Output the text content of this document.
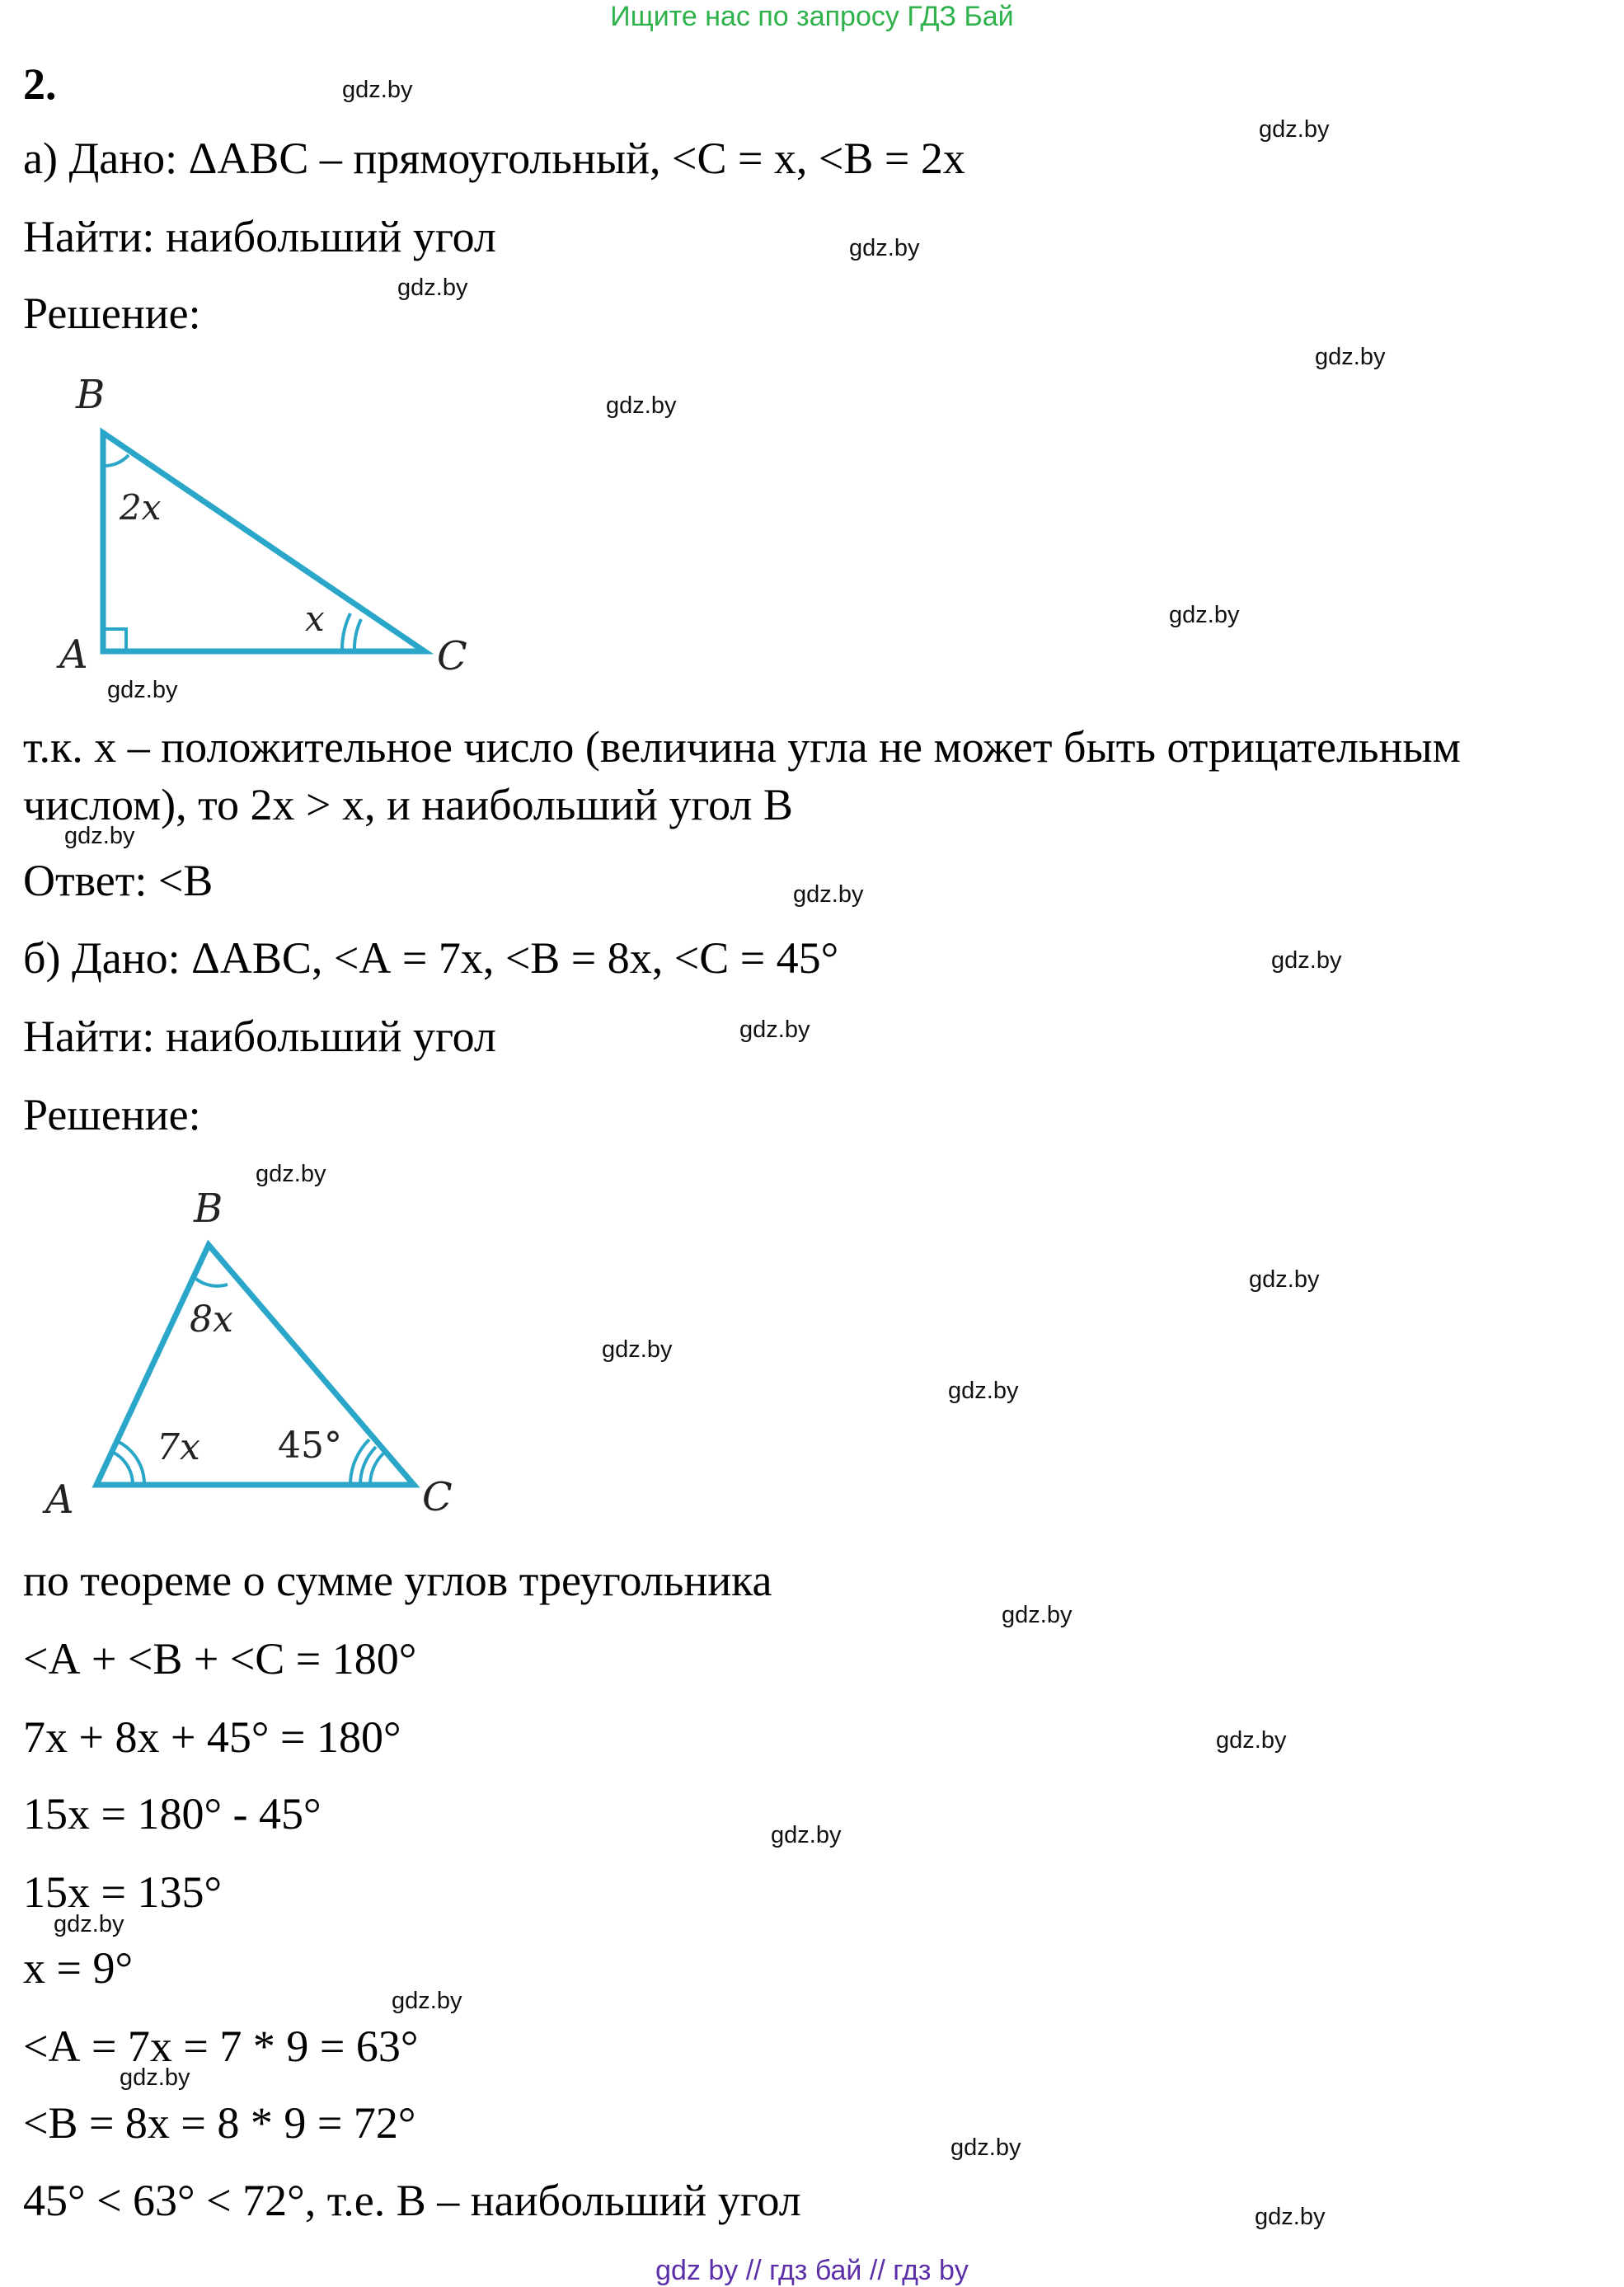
Ищите нас по запросу ГДЗ Бай
2.
а) Дано: ΔАВС – прямоугольный, <С = х, <В = 2х
Найти: наибольший угол
Решение:
B
A	C
2x
x
т.к. х – положительное число (величина угла не может быть отрицательным
числом), то 2х > х, и наибольший угол В
Ответ: <В
б) Дано: ΔАВС, <А = 7х, <В = 8х, <С = 45°
Найти: наибольший угол
Решение:
B
A	C
8x
7x 45°
по теореме о сумме углов треугольника
<А + <В + <С = 180°
7х + 8х + 45° = 180°
15х = 180° - 45°
15х = 135°
х = 9°
<А = 7х = 7 * 9 = 63°
<В = 8х = 8 * 9 = 72°
45° < 63° < 72°, т.е. В – наибольший угол
gdz.by
gdz.by
gdz.by
gdz.by
gdz.by
gdz.by
gdz.by
gdz.by
gdz.by
gdz.by
gdz.by
gdz.by
gdz.by
gdz.by
gdz.by
gdz.by
gdz.by
gdz.by
gdz.by
gdz.by
gdz.by
gdz.by
gdz.by
gdz.by
gdz by // гдз бай // гдз by
